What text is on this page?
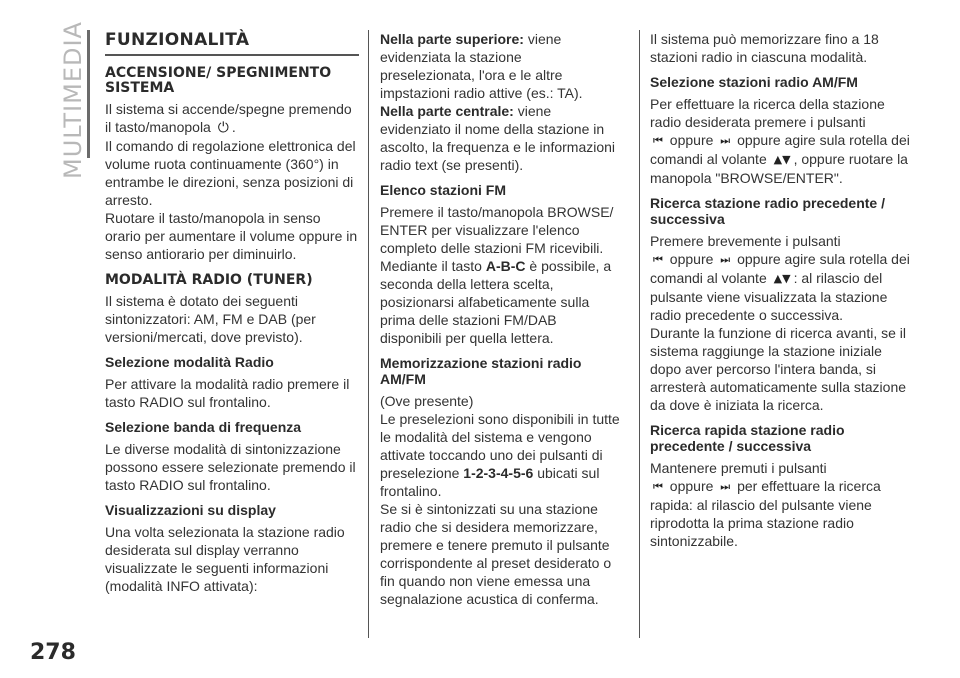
MULTIMEDIA
278
FUNZIONALITÀ
ACCENSIONE/ SPEGNIMENTO SISTEMA

Il sistema si accende/spegne premendo il tasto/manopola ⏻ .

Il comando di regolazione elettronica del volume ruota continuamente (360°) in entrambe le direzioni, senza posizioni di arresto.

Ruotare il tasto/manopola in senso orario per aumentare il volume oppure in senso antiorario per diminuirlo.

MODALITÀ RADIO (TUNER)

Il sistema è dotato dei seguenti sintonizzatori: AM, FM e DAB (per versioni/mercati, dove previsto).

Selezione modalità Radio

Per attivare la modalità radio premere il tasto RADIO sul frontalino.

Selezione banda di frequenza

Le diverse modalità di sintonizzazione possono essere selezionate premendo il tasto RADIO sul frontalino.

Visualizzazioni su display

Una volta selezionata la stazione radio desiderata sul display verranno visualizzate le seguenti informazioni (modalità INFO attivata):

Nella parte superiore: viene evidenziata la stazione preselezionata, l'ora e le altre impstazioni radio attive (es.: TA).

Nella parte centrale: viene evidenziato il nome della stazione in ascolto, la frequenza e le informazioni radio text (se presenti).

Elenco stazioni FM

Premere il tasto/manopola BROWSE/ ENTER per visualizzare l'elenco completo delle stazioni FM ricevibili.

Mediante il tasto A-B-C è possibile, a seconda della lettera scelta, posizionarsi alfabeticamente sulla prima delle stazioni FM/DAB disponibili per quella lettera.

Memorizzazione stazioni radio AM/FM

(Ove presente)

Le preselezioni sono disponibili in tutte le modalità del sistema e vengono attivate toccando uno dei pulsanti di preselezione 1-2-3-4-5-6 ubicati sul frontalino.

Se si è sintonizzati su una stazione radio che si desidera memorizzare, premere e tenere premuto il pulsante corrispondente al preset desiderato o fin quando non viene emessa una segnalazione acustica di conferma.

Il sistema può memorizzare fino a 18 stazioni radio in ciascuna modalità.

Selezione stazioni radio AM/FM

Per effettuare la ricerca della stazione radio desiderata premere i pulsanti
⏮ oppure ⏭ oppure agire sula rotella dei comandi al volante ▲▼ , oppure ruotare la manopola "BROWSE/ENTER".

Ricerca stazione radio precedente / successiva

Premere brevemente i pulsanti
⏮ oppure ⏭ oppure agire sula rotella dei comandi al volante ▲▼ : al rilascio del pulsante viene visualizzata la stazione radio precedente o successiva.

Durante la funzione di ricerca avanti, se il sistema raggiunge la stazione iniziale dopo aver percorso l'intera banda, si arresterà automaticamente sulla stazione da dove è iniziata la ricerca.

Ricerca rapida stazione radio precedente / successiva

Mantenere premuti i pulsanti
⏮ oppure ⏭ per effettuare la ricerca rapida: al rilascio del pulsante viene riprodotta la prima stazione radio sintonizzabile.
